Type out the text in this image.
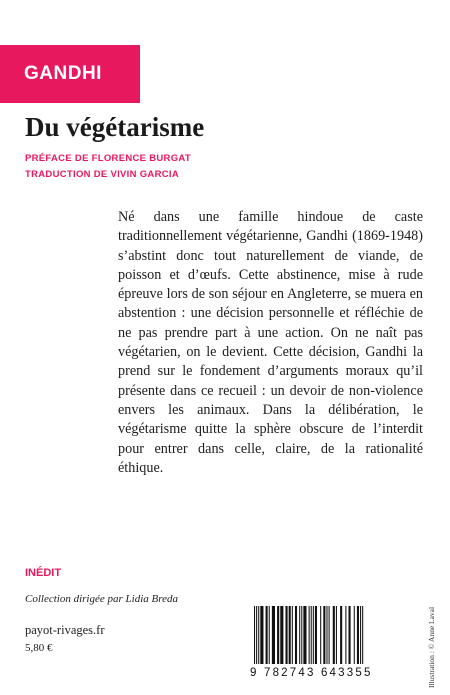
GANDHI
Du végétarisme
PRÉFACE DE FLORENCE BURGAT
TRADUCTION DE VIVIN GARCIA

Né dans une famille hindoue de caste traditionnellement végétarienne, Gandhi (1869-1948) s’abstint donc tout naturellement de viande, de poisson et d’œufs. Cette abstinence, mise à rude épreuve lors de son séjour en Angleterre, se muera en abstention : une décision personnelle et réfléchie de ne pas prendre part à une action. On ne naît pas végétarien, on le devient. Cette décision, Gandhi la prend sur le fondement d’arguments moraux qu’il présente dans ce recueil : un devoir de non-violence envers les animaux. Dans la délibération, le végétarisme quitte la sphère obscure de l’interdit pour entrer dans celle, claire, de la rationalité éthique.

INÉDIT
Collection dirigée par Lidia Breda
payot-rivages.fr
5,80 €
9 782743 643355	Illustration : © Anne Laval
